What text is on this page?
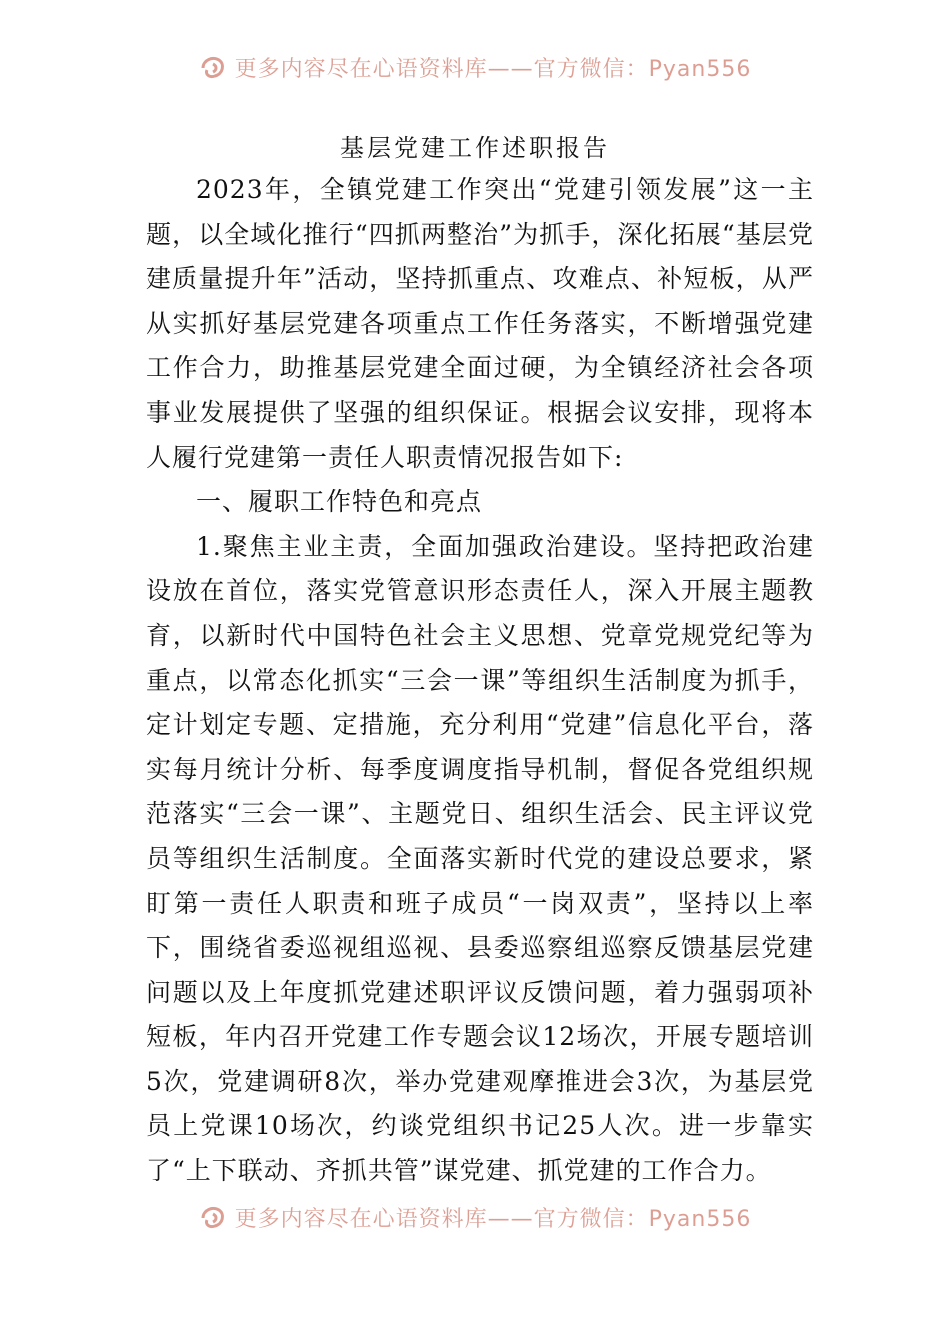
更多内容尽在心语资料库——官方微信：Pyan556
基层党建工作述职报告

2023年，全镇党建工作突出“党建引领发展”这一主题，以全域化推行“四抓两整治”为抓手，深化拓展“基层党建质量提升年”活动，坚持抓重点、攻难点、补短板，从严从实抓好基层党建各项重点工作任务落实，不断增强党建工作合力，助推基层党建全面过硬，为全镇经济社会各项事业发展提供了坚强的组织保证。根据会议安排，现将本人履行党建第一责任人职责情况报告如下:

一、履职工作特色和亮点

1.聚焦主业主责，全面加强政治建设。坚持把政治建设放在首位，落实党管意识形态责任人，深入开展主题教育，以新时代中国特色社会主义思想、党章党规党纪等为重点，以常态化抓实“三会一课”等组织生活制度为抓手，定计划定专题、定措施，充分利用“党建”信息化平台，落实每月统计分析、每季度调度指导机制，督促各党组织规范落实“三会一课”、主题党日、组织生活会、民主评议党员等组织生活制度。全面落实新时代党的建设总要求，紧盯第一责任人职责和班子成员“一岗双责”，坚持以上率下，围绕省委巡视组巡视、县委巡察组巡察反馈基层党建问题以及上年度抓党建述职评议反馈问题，着力强弱项补短板，年内召开党建工作专题会议12场次，开展专题培训5次，党建调研8次，举办党建观摩推进会3次，为基层党员上党课10场次，约谈党组织书记25人次。进一步靠实了“上下联动、齐抓共管”谋党建、抓党建的工作合力。

更多内容尽在心语资料库——官方微信：Pyan556
